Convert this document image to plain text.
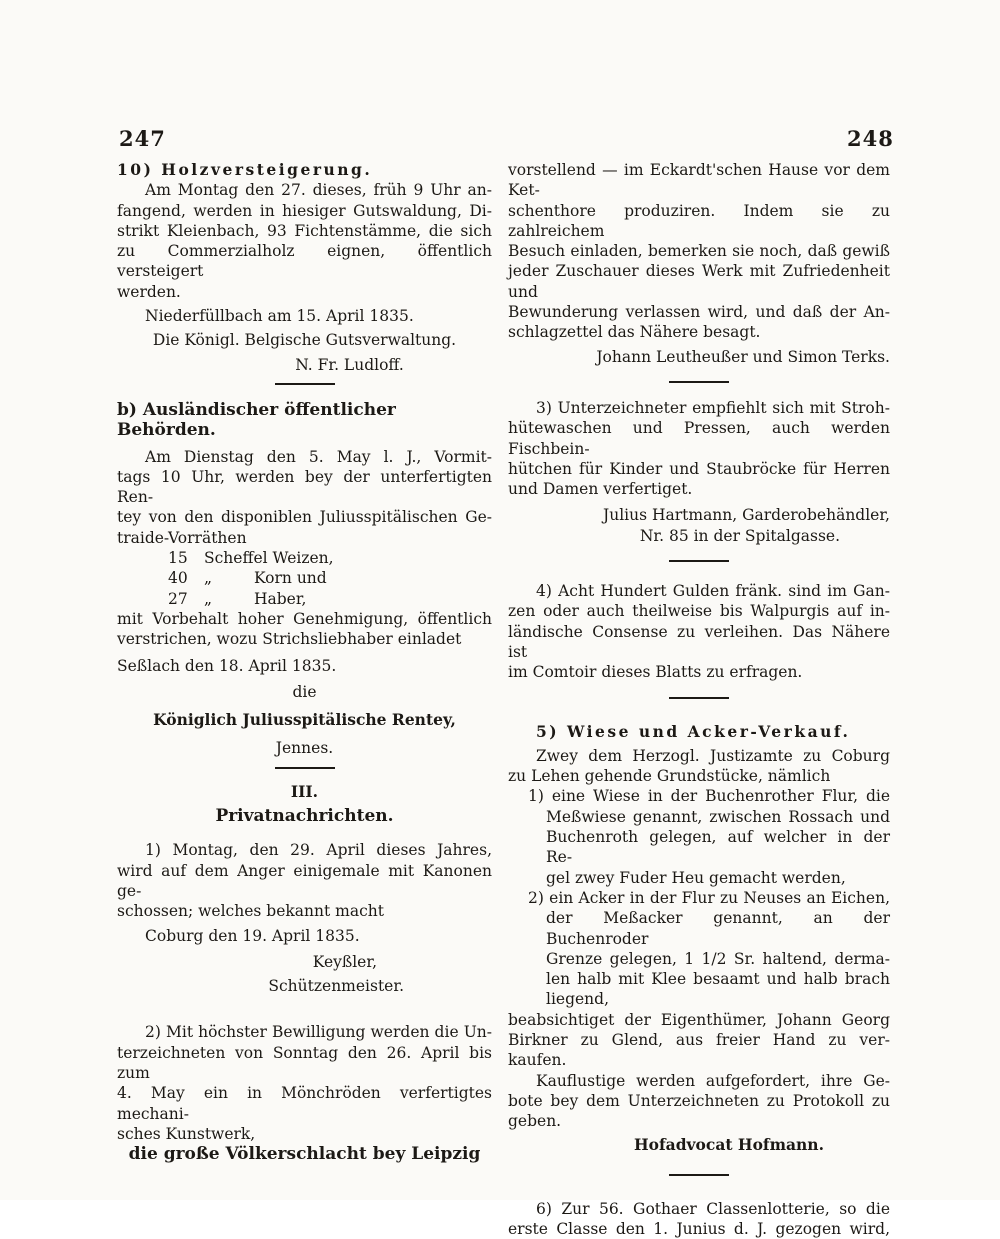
247	248

10) Holzversteigerung.

Am Montag den 27. dieses, früh 9 Uhr an-

fangend, werden in hiesiger Gutswaldung, Di-

strikt Kleienbach, 93 Fichtenstämme, die sich

zu Commerzialholz eignen, öffentlich versteigert

werden.

Niederfüllbach am 15. April 1835.

Die Königl. Belgische Gutsverwaltung.

N. Fr. Ludloff.

b) Ausländischer öffentlicher Behörden.

Am Dienstag den 5. May l. J., Vormit-

tags 10 Uhr, werden bey der unterfertigten Ren-

tey von den disponiblen Juliusspitälischen Ge-

traide-Vorräthen

15	Scheffel Weizen,
40	„	Korn und
27	„	Haber,

mit Vorbehalt hoher Genehmigung, öffentlich

verstrichen, wozu Strichsliebhaber einladet

Seßlach den 18. April 1835.

die

Königlich Juliusspitälische Rentey,

Jennes.

III.

Privatnachrichten.

1) Montag, den 29. April dieses Jahres,

wird auf dem Anger einigemale mit Kanonen ge-

schossen; welches bekannt macht

Coburg den 19. April 1835.

Keyßler,

Schützenmeister.

2) Mit höchster Bewilligung werden die Un-

terzeichneten von Sonntag den 26. April bis zum

4. May ein in Mönchröden verfertigtes mechani-

sches Kunstwerk,

die große Völkerschlacht bey Leipzig

vorstellend — im Eckardt'schen Hause vor dem Ket-

schenthore produziren. Indem sie zu zahlreichem

Besuch einladen, bemerken sie noch, daß gewiß

jeder Zuschauer dieses Werk mit Zufriedenheit und

Bewunderung verlassen wird, und daß der An-

schlagzettel das Nähere besagt.

Johann Leutheußer und Simon Terks.

3) Unterzeichneter empfiehlt sich mit Stroh-

hütewaschen und Pressen, auch werden Fischbein-

hütchen für Kinder und Staubröcke für Herren

und Damen verfertiget.

Julius Hartmann, Garderobehändler,

Nr. 85 in der Spitalgasse.

4) Acht Hundert Gulden fränk. sind im Gan-

zen oder auch theilweise bis Walpurgis auf in-

ländische Consense zu verleihen. Das Nähere ist

im Comtoir dieses Blatts zu erfragen.

5) Wiese und Acker-Verkauf.

Zwey dem Herzogl. Justizamte zu Coburg

zu Lehen gehende Grundstücke, nämlich

1) eine Wiese in der Buchenrother Flur, die

Meßwiese genannt, zwischen Rossach und

Buchenroth gelegen, auf welcher in der Re-

gel zwey Fuder Heu gemacht werden,

2) ein Acker in der Flur zu Neuses an Eichen,

der Meßacker genannt, an der Buchenroder

Grenze gelegen, 1 1/2 Sr. haltend, derma-

len halb mit Klee besaamt und halb brach

liegend,

beabsichtiget der Eigenthümer, Johann Georg

Birkner zu Glend, aus freier Hand zu ver-

kaufen.

Kauflustige werden aufgefordert, ihre Ge-

bote bey dem Unterzeichneten zu Protokoll zu

geben.

Hofadvocat Hofmann.

6) Zur 56. Gothaer Classenlotterie, so die

erste Classe den 1. Junius d. J. gezogen wird,
